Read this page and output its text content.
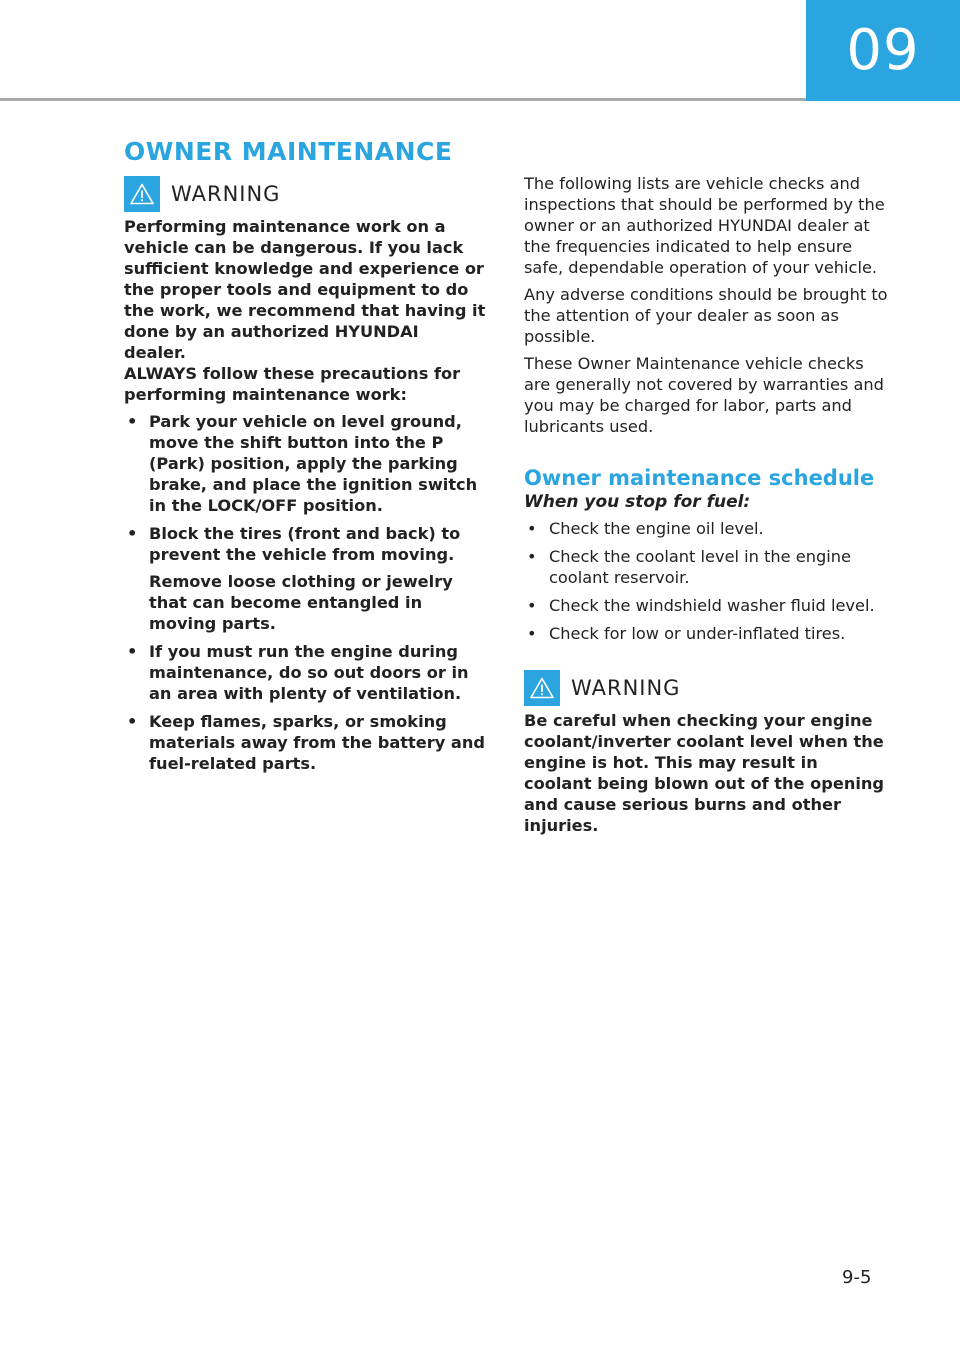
09
OWNER MAINTENANCE
WARNING

Performing maintenance work on a vehicle can be dangerous. If you lack sufficient knowledge and experience or the proper tools and equipment to do the work, we recommend that having it done by an authorized HYUNDAI dealer.

ALWAYS follow these precautions for performing maintenance work:

• Park your vehicle on level ground, move the shift button into the P (Park) position, apply the parking brake, and place the ignition switch in the LOCK/OFF position.
• Block the tires (front and back) to prevent the vehicle from moving.

Remove loose clothing or jewelry that can become entangled in moving parts.

• If you must run the engine during maintenance, do so out doors or in an area with plenty of ventilation.
• Keep flames, sparks, or smoking materials away from the battery and fuel-related parts.

The following lists are vehicle checks and inspections that should be performed by the owner or an authorized HYUNDAI dealer at the frequencies indicated to help ensure safe, dependable operation of your vehicle.

Any adverse conditions should be brought to the attention of your dealer as soon as possible.

These Owner Maintenance vehicle checks are generally not covered by warranties and you may be charged for labor, parts and lubricants used.

Owner maintenance schedule

When you stop for fuel:

• Check the engine oil level.
• Check the coolant level in the engine coolant reservoir.
• Check the windshield washer fluid level.
• Check for low or under-inflated tires.
WARNING

Be careful when checking your engine coolant/inverter coolant level when the engine is hot. This may result in coolant being blown out of the opening and cause serious burns and other injuries.

9-5
